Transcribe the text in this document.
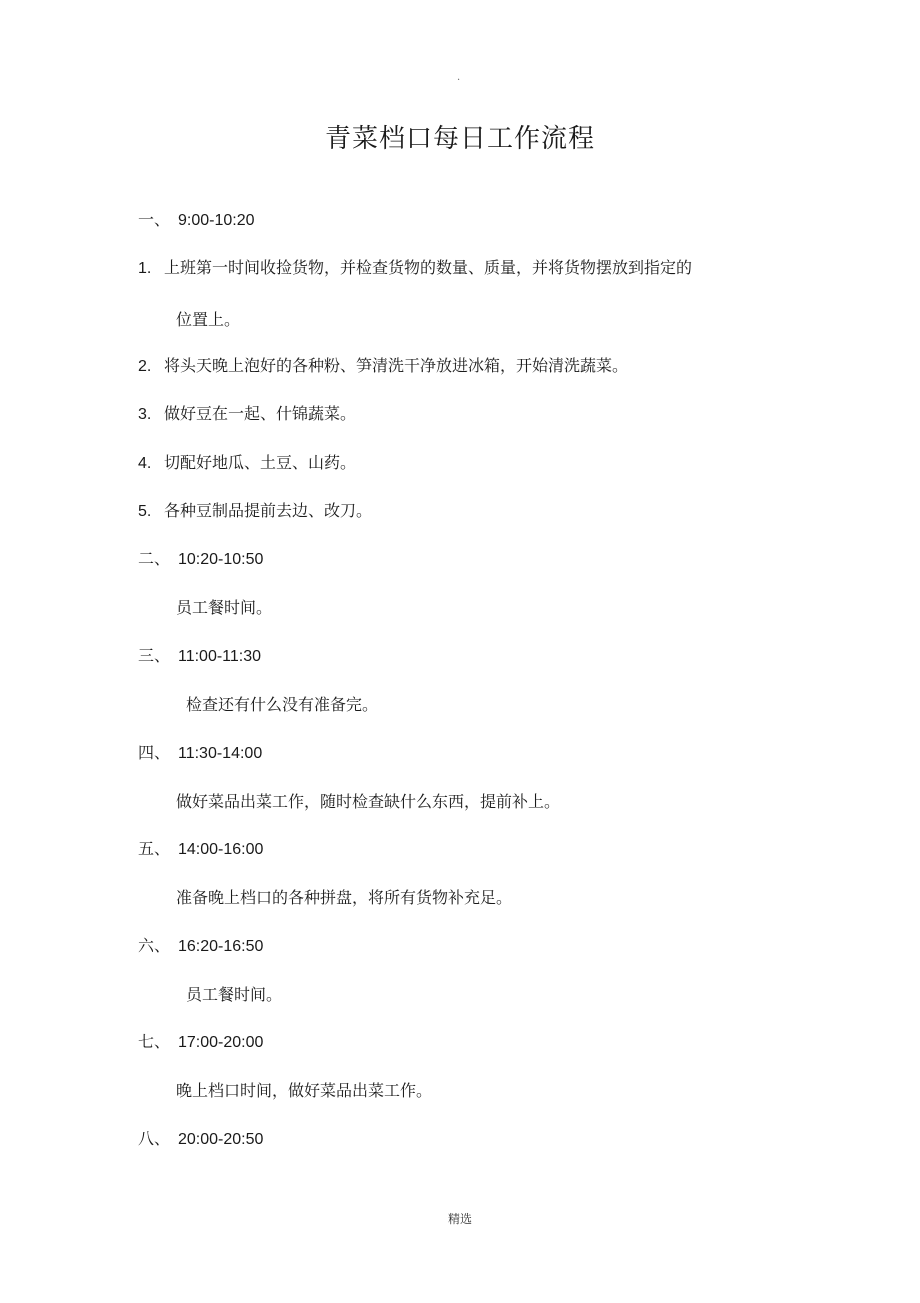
.
青菜档口每日工作流程
一、 9:00-10:20
1. 上班第一时间收捡货物，并检查货物的数量、质量，并将货物摆放到指定的
位置上。
2. 将头天晚上泡好的各种粉、笋清洗干净放进冰箱，开始清洗蔬菜。
3. 做好豆在一起、什锦蔬菜。
4. 切配好地瓜、土豆、山药。
5. 各种豆制品提前去边、改刀。
二、 10:20-10:50
员工餐时间。
三、 11:00-11:30
检查还有什么没有准备完。
四、 11:30-14:00
做好菜品出菜工作，随时检查缺什么东西，提前补上。
五、 14:00-16:00
准备晚上档口的各种拼盘，将所有货物补充足。
六、 16:20-16:50
员工餐时间。
七、 17:00-20:00
晚上档口时间，做好菜品出菜工作。
八、 20:00-20:50
精选
